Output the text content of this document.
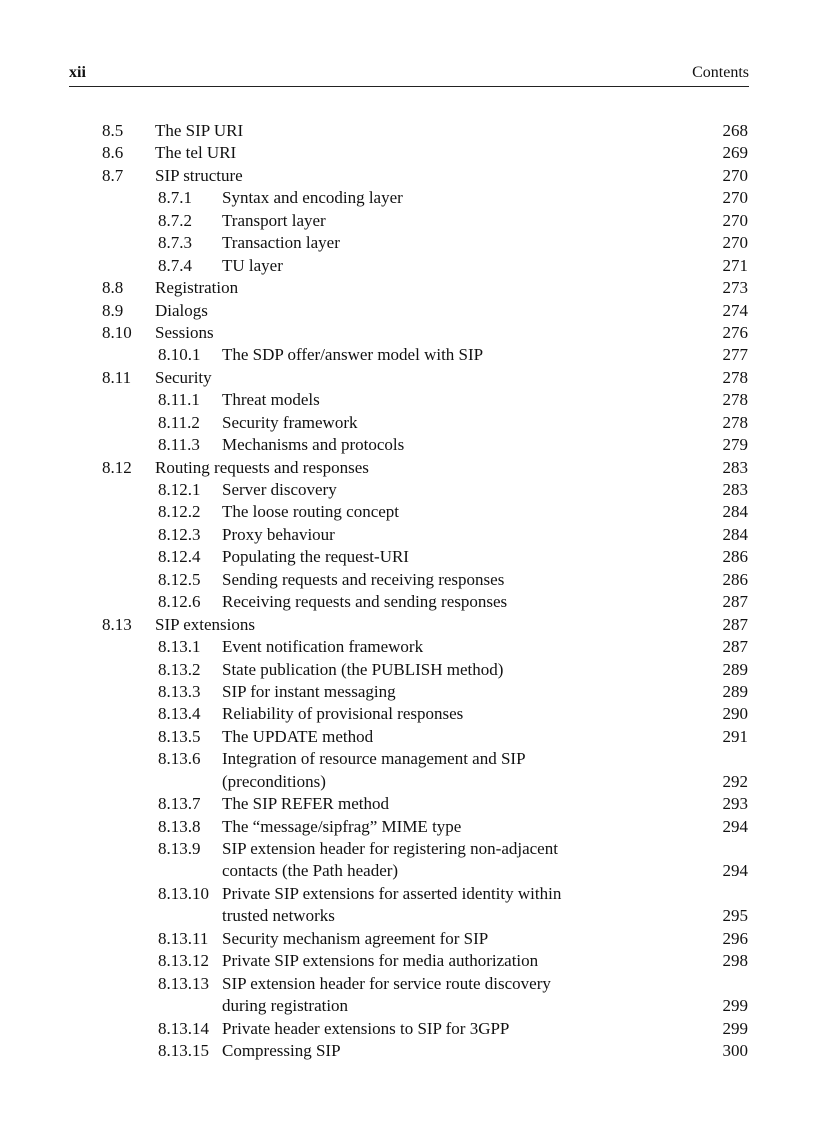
xii	Contents
8.5 The SIP URI	268
8.6 The tel URI	269
8.7 SIP structure	270
8.7.1 Syntax and encoding layer	270
8.7.2 Transport layer	270
8.7.3 Transaction layer	270
8.7.4 TU layer	271
8.8 Registration	273
8.9 Dialogs	274
8.10 Sessions	276
8.10.1 The SDP offer/answer model with SIP	277
8.11 Security	278
8.11.1 Threat models	278
8.11.2 Security framework	278
8.11.3 Mechanisms and protocols	279
8.12 Routing requests and responses	283
8.12.1 Server discovery	283
8.12.2 The loose routing concept	284
8.12.3 Proxy behaviour	284
8.12.4 Populating the request-URI	286
8.12.5 Sending requests and receiving responses	286
8.12.6 Receiving requests and sending responses	287
8.13 SIP extensions	287
8.13.1 Event notification framework	287
8.13.2 State publication (the PUBLISH method)	289
8.13.3 SIP for instant messaging	289
8.13.4 Reliability of provisional responses	290
8.13.5 The UPDATE method	291
8.13.6 Integration of resource management and SIP
(preconditions)	292
8.13.7 The SIP REFER method	293
8.13.8 The “message/sipfrag” MIME type	294
8.13.9 SIP extension header for registering non-adjacent
contacts (the Path header)	294
8.13.10 Private SIP extensions for asserted identity within
trusted networks	295
8.13.11 Security mechanism agreement for SIP	296
8.13.12 Private SIP extensions for media authorization	298
8.13.13 SIP extension header for service route discovery
during registration	299
8.13.14 Private header extensions to SIP for 3GPP	299
8.13.15 Compressing SIP	300
